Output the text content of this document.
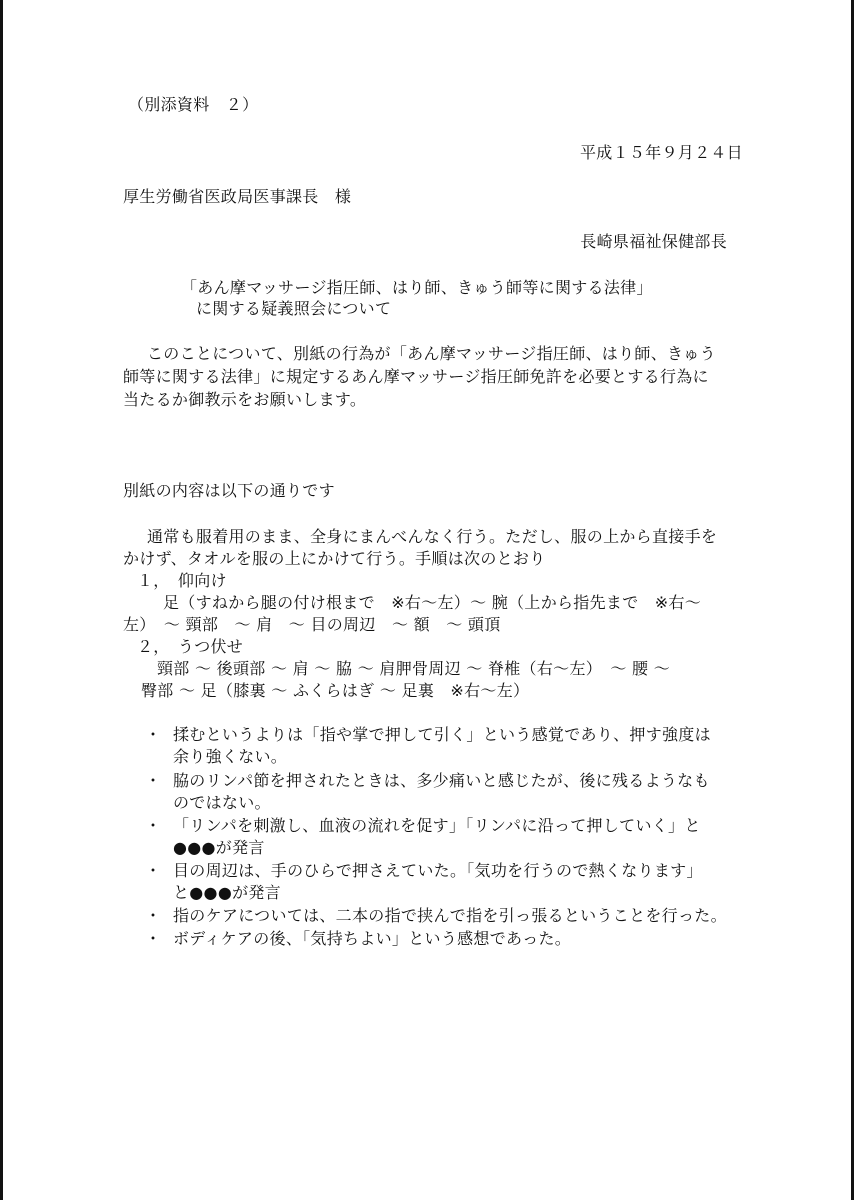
（別添資料　２）
平成１５年９月２４日
厚生労働省医政局医事課長　様
長崎県福祉保健部長
「あん摩マッサージ指圧師、はり師、きゅう師等に関する法律」
に関する疑義照会について
このことについて、別紙の行為が「あん摩マッサージ指圧師、はり師、きゅう
師等に関する法律」に規定するあん摩マッサージ指圧師免許を必要とする行為に
当たるか御教示をお願いします。
別紙の内容は以下の通りです
通常も服着用のまま、全身にまんべんなく行う。ただし、服の上から直接手を
かけず、タオルを服の上にかけて行う。手順は次のとおり
１，　仰向け
足（すねから腿の付け根まで　※右～左）～ 腕（上から指先まで　※右～
左）　～ 頸部　～ 肩　～ 目の周辺　～ 額　～ 頭頂
２，　うつ伏せ
頸部 ～ 後頭部 ～ 肩 ～ 脇 ～ 肩胛骨周辺 ～ 脊椎（右～左）　～ 腰 ～
臀部 ～ 足（膝裏 ～ ふくらはぎ ～ 足裏　※右～左）
・ 揉むというよりは「指や掌で押して引く」という感覚であり、押す強度は
余り強くない。
・ 脇のリンパ節を押されたときは、多少痛いと感じたが、後に残るようなも
のではない。
・ 「リンパを刺激し、血液の流れを促す」「リンパに沿って押していく」と
●●●が発言
・ 目の周辺は、手のひらで押さえていた。「気功を行うので熱くなります」
と●●●が発言
・ 指のケアについては、二本の指で挟んで指を引っ張るということを行った。
・ ボディケアの後、「気持ちよい」という感想であった。
